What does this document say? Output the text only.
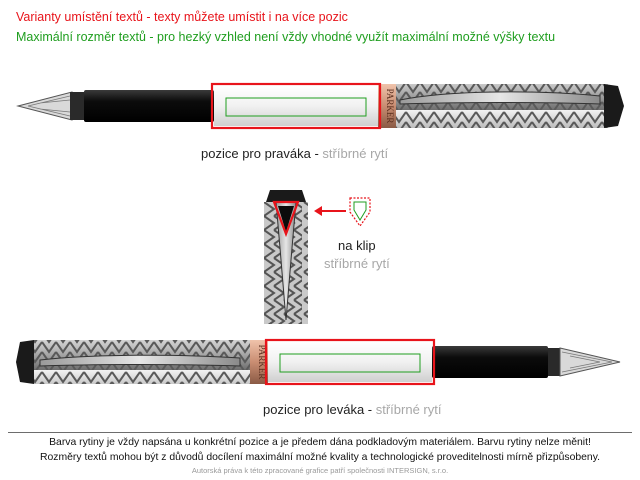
Varianty umístění textů - texty můžete umístit i na více pozic
Maximální rozměr textů - pro hezký vzhled není vždy vhodné využít maximální možné výšky textu
PARKER
pozice pro praváka - stříbrné rytí
na klip
stříbrné rytí
PARKER
pozice pro leváka - stříbrné rytí
Barva rytiny je vždy napsána u konkrétní pozice a je předem dána podkladovým materiálem. Barvu rytiny nelze měnit!
Rozměry textů mohou být z důvodů docílení maximální možné kvality a technologické proveditelnosti mírně přizpůsobeny.
Autorská práva k této zpracované grafice patří společnosti INTERSIGN, s.r.o.
